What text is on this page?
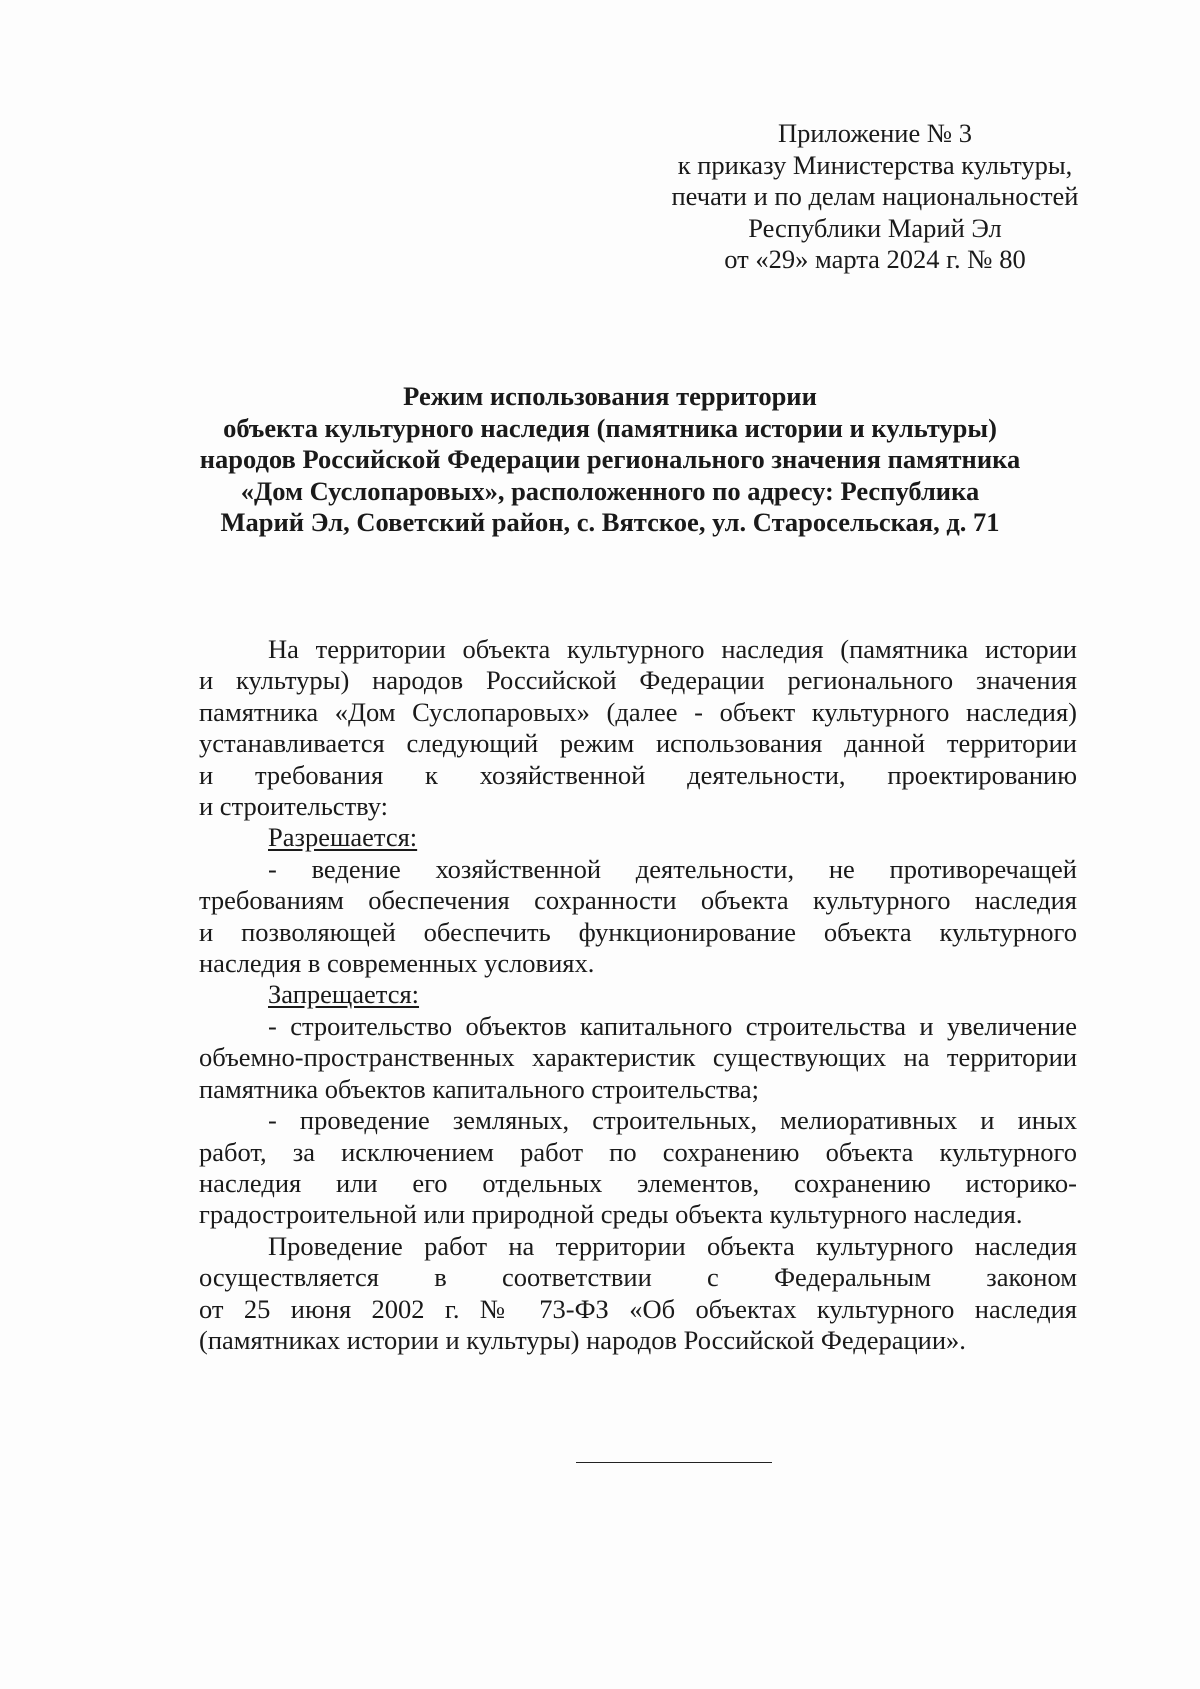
Приложение № 3
к приказу Министерства культуры,
печати и по делам национальностей
Республики Марий Эл
от «29» марта 2024 г. № 80
Режим использования территории
объекта культурного наследия (памятника истории и культуры)
народов Российской Федерации регионального значения памятника
«Дом Суслопаровых», расположенного по адресу: Республика
Марий Эл, Советский район, с. Вятское, ул. Старосельская, д. 71
На территории объекта культурного наследия (памятника истории
и культуры) народов Российской Федерации регионального значения
памятника «Дом Суслопаровых» (далее - объект культурного наследия)
устанавливается следующий режим использования данной территории
и требования к хозяйственной деятельности, проектированию
и строительству:
Разрешается:
- ведение хозяйственной деятельности, не противоречащей
требованиям обеспечения сохранности объекта культурного наследия
и позволяющей обеспечить функционирование объекта культурного
наследия в современных условиях.
Запрещается:
- строительство объектов капитального строительства и увеличение
объемно-пространственных характеристик существующих на территории
памятника объектов капитального строительства;
- проведение земляных, строительных, мелиоративных и иных
работ, за исключением работ по сохранению объекта культурного
наследия или его отдельных элементов, сохранению историко-
градостроительной или природной среды объекта культурного наследия.
Проведение работ на территории объекта культурного наследия
осуществляется в соответствии с Федеральным законом
от 25 июня 2002 г. № 73-ФЗ «Об объектах культурного наследия
(памятниках истории и культуры) народов Российской Федерации».
